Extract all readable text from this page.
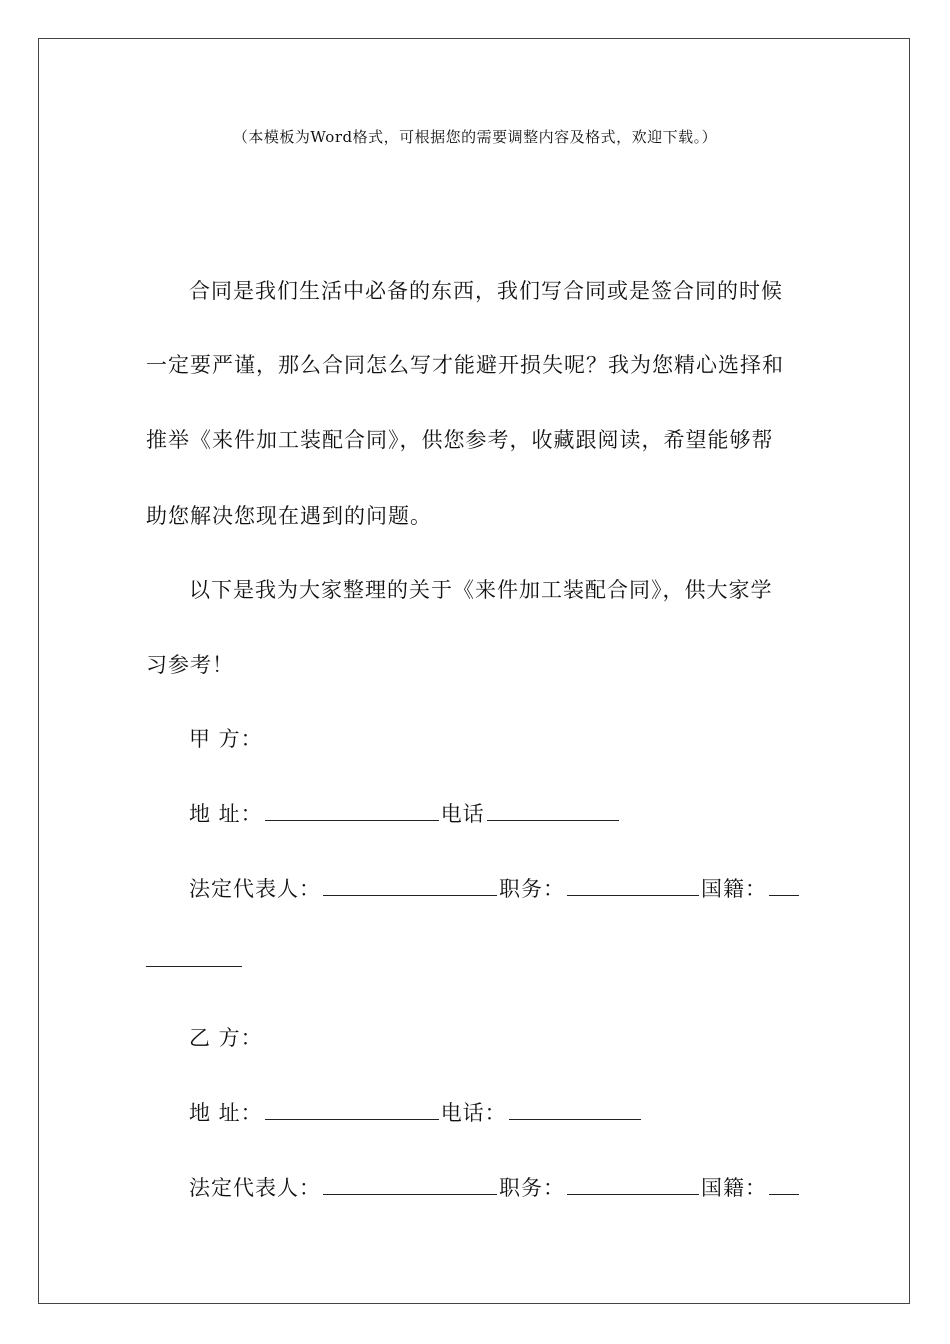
（本模板为Word格式，可根据您的需要调整内容及格式，欢迎下载。）
合同是我们生活中必备的东西，我们写合同或是签合同的时候
一定要严谨，那么合同怎么写才能避开损失呢？我为您精心选择和
推举《来件加工装配合同》，供您参考，收藏跟阅读，希望能够帮
助您解决您现在遇到的问题。
以下是我为大家整理的关于《来件加工装配合同》，供大家学
习参考！
甲 方：
地 址：	电话
法定代表人：	职务：	国籍：
乙 方：
地 址：	电话：
法定代表人：	职务：	国籍：
